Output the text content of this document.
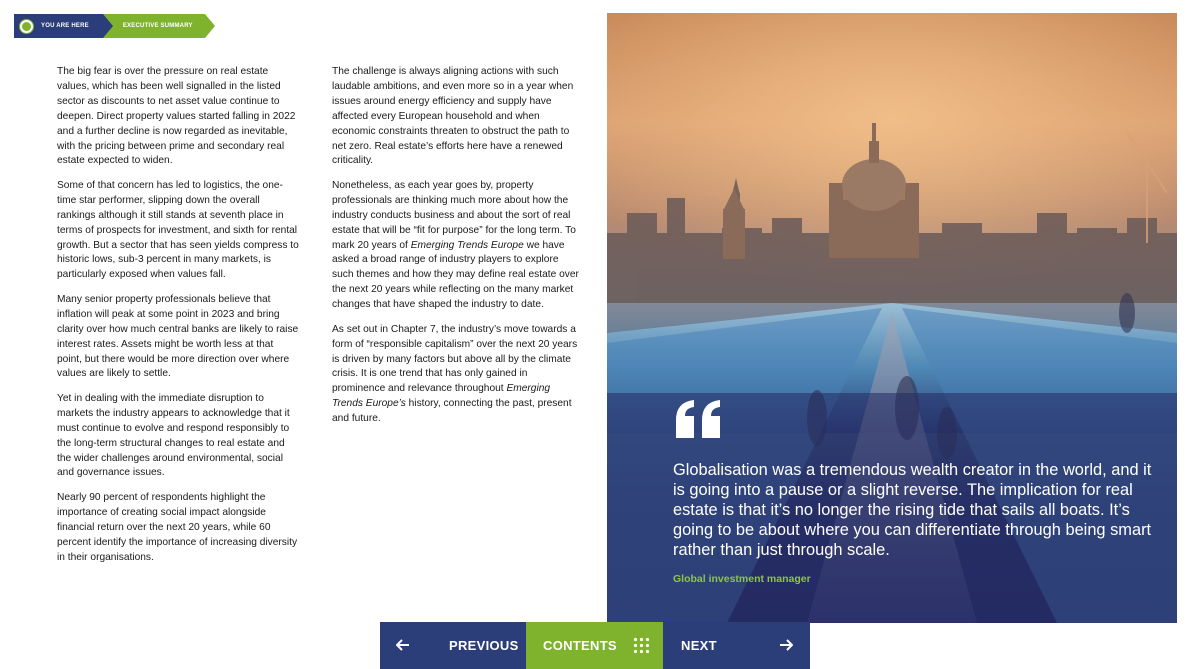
YOU ARE HERE	EXECUTIVE SUMMARY

The big fear is over the pressure on real estate values, which has been well signalled in the listed sector as discounts to net asset value continue to deepen. Direct property values started falling in 2022 and a further decline is now regarded as inevitable, with the pricing between prime and secondary real estate expected to widen.

Some of that concern has led to logistics, the one-time star performer, slipping down the overall rankings although it still stands at seventh place in terms of prospects for investment, and sixth for rental growth. But a sector that has seen yields compress to historic lows, sub-3 percent in many markets, is particularly exposed when values fall.

Many senior property professionals believe that inflation will peak at some point in 2023 and bring clarity over how much central banks are likely to raise interest rates. Assets might be worth less at that point, but there would be more direction over where values are likely to settle.

Yet in dealing with the immediate disruption to markets the industry appears to acknowledge that it must continue to evolve and respond responsibly to the long-term structural changes to real estate and the wider challenges around environmental, social and governance issues.

Nearly 90 percent of respondents highlight the importance of creating social impact alongside financial return over the next 20 years, while 60 percent identify the importance of increasing diversity in their organisations.

The challenge is always aligning actions with such laudable ambitions, and even more so in a year when issues around energy efficiency and supply have affected every European household and when economic constraints threaten to obstruct the path to net zero. Real estate’s efforts here have a renewed criticality.

Nonetheless, as each year goes by, property professionals are thinking much more about how the industry conducts business and about the sort of real estate that will be “fit for purpose” for the long term. To mark 20 years of Emerging Trends Europe we have asked a broad range of industry players to explore such themes and how they may define real estate over the next 20 years while reflecting on the many market changes that have shaped the industry to date.

As set out in Chapter 7, the industry’s move towards a form of “responsible capitalism” over the next 20 years is driven by many factors but above all by the climate crisis. It is one trend that has only gained in prominence and relevance throughout Emerging Trends Europe’s history, connecting the past, present and future.

Globalisation was a tremendous wealth creator in the world, and it is going into a pause or a slight reverse. The implication for real estate is that it’s no longer the rising tide that sails all boats. It’s going to be about where you can differentiate through being smart rather than just through scale.
Global investment manager
LONDON, UK
PREVIOUS CONTENTS	NEXT
